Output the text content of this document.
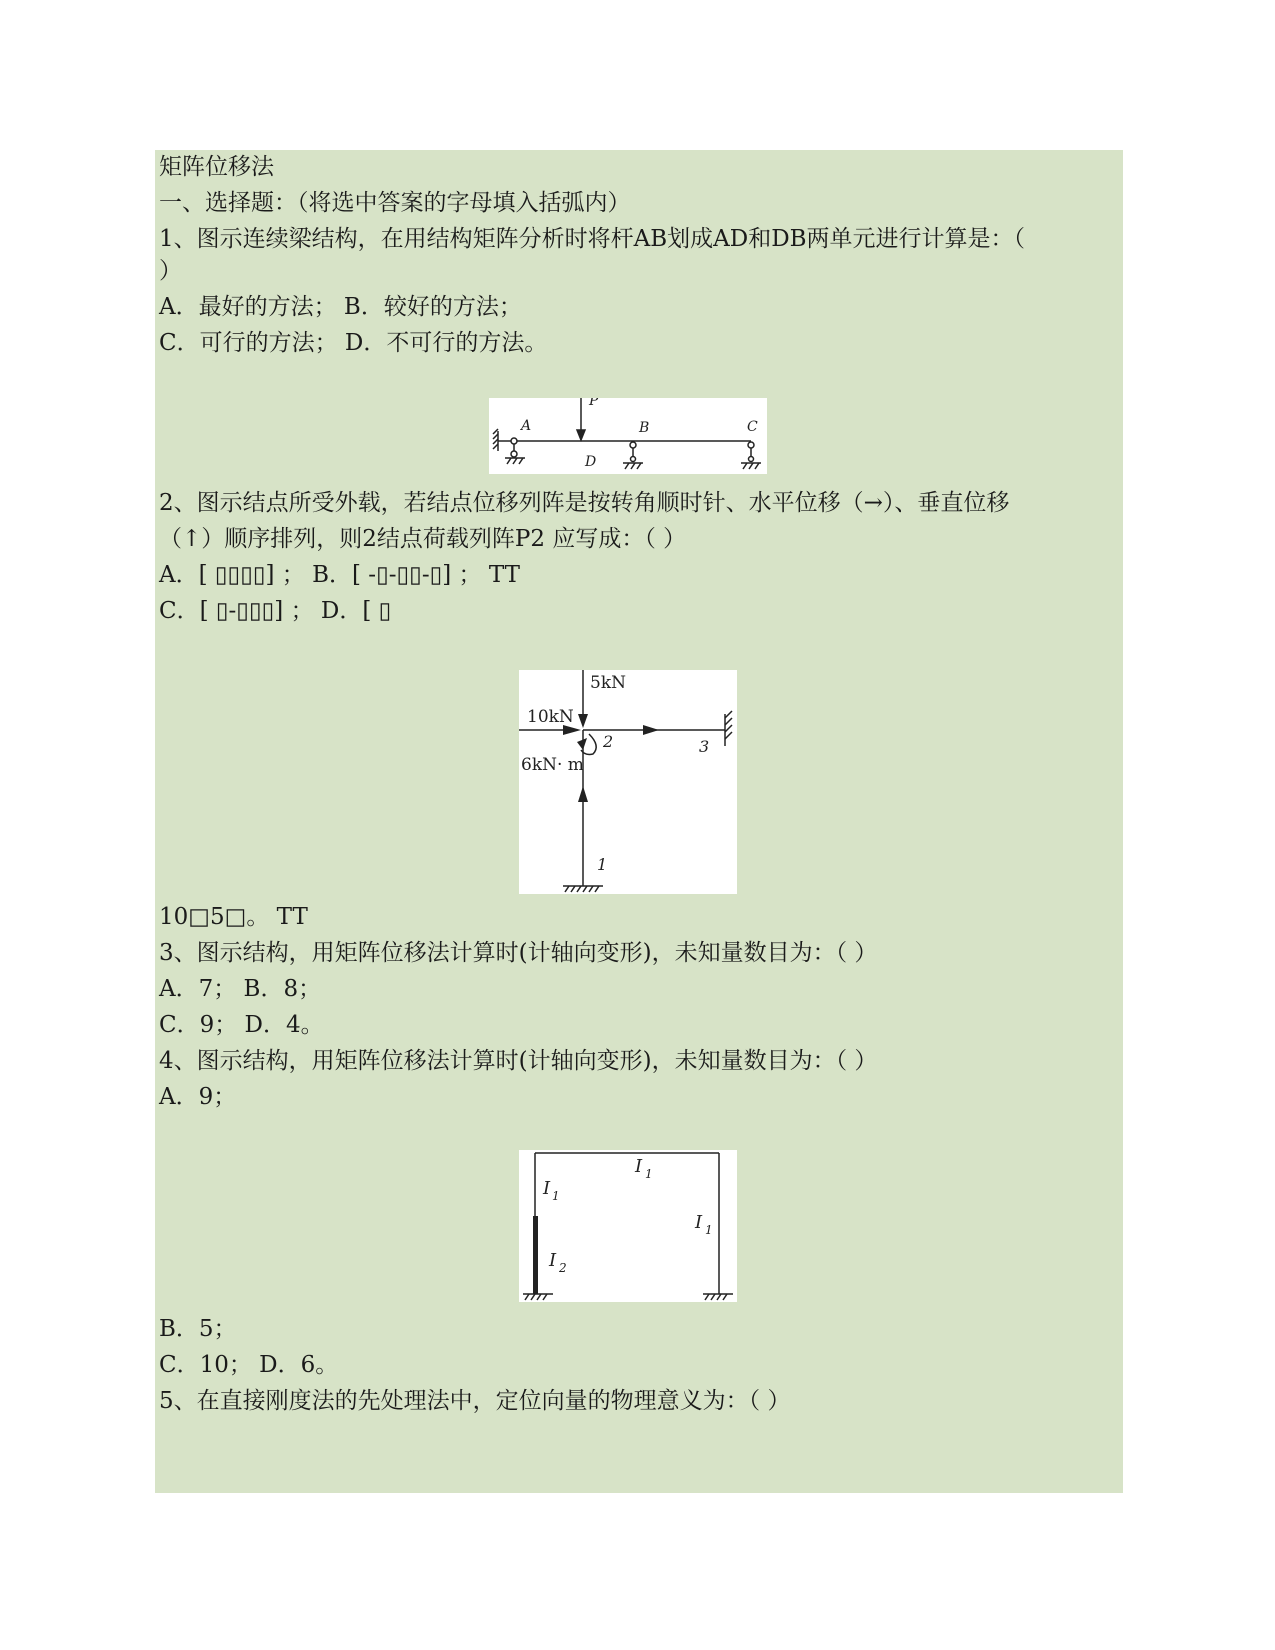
矩阵位移法
一、选择题：（将选中答案的字母填入括弧内）
1、图示连续梁结构，在用结构矩阵分析时将杆AB划成AD和DB两单元进行计算是：（
）
A．最好的方法； B．较好的方法；
C．可行的方法； D．不可行的方法。
P
A	B	C
D
2、图示结点所受外载，若结点位移列阵是按转角顺时针、水平位移（→）、垂直位移
（↑）顺序排列，则2结点荷载列阵P2 应写成：（ ）
A．[ ▯▯▯▯] ； B．[ -▯-▯▯-▯] ； TT
C．[ ▯-▯▯▯] ； D．[ ▯
5kN
10kN
6kN· m
2	3
1
10□5□。 TT
3、图示结构，用矩阵位移法计算时(计轴向变形)，未知量数目为：（ ）
A．7； B．8；
C．9； D．4。
4、图示结构，用矩阵位移法计算时(计轴向变形)，未知量数目为：（ ）
A．9；
I 1
I 1
I 1
I 2
B．5；
C．10； D．6。
5、在直接刚度法的先处理法中，定位向量的物理意义为：（ ）
